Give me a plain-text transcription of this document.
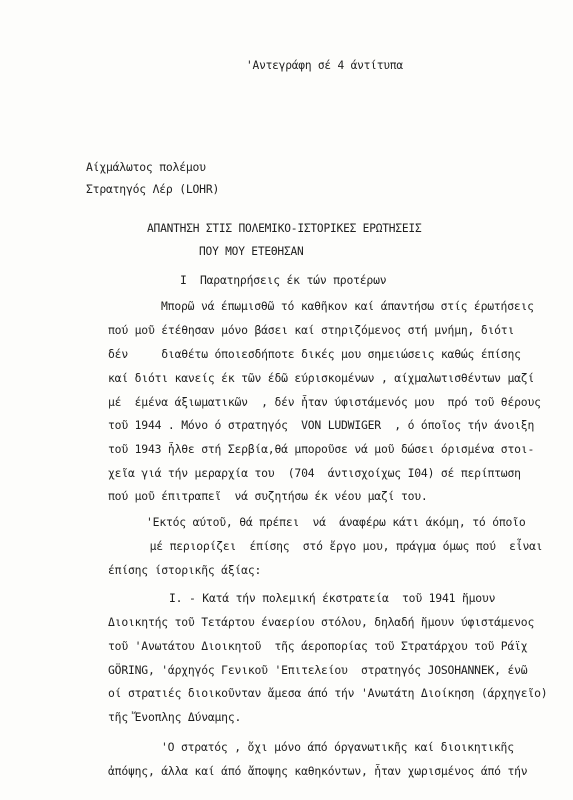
'Αντεγράφη σέ 4 άντίτυπα
Αίχμάλωτος πολέμου
Στρατηγός Λέρ (LOHR)
ΑΠΑΝΤΗΣΗ ΣΤΙΣ ΠΟΛΕΜΙΚΟ-ΙΣΤΟΡΙΚΕΣ ΕΡΩΤΗΣΕΙΣ
ΠΟΥ ΜΟΥ ΕΤΕΘΗΣΑΝ
I  Παρατηρήσεις έκ τών προτέρων
Μπορῶ νά έπωμισθῶ τό καθῆκον καί άπαντήσω στίς έρωτήσεις
πού μοῦ έτέθησαν μόνο βάσει καί στηριζόμενος στή μνήμη, διότι
δέν     διαθέτω όποιεσδήποτε δικές μου σημειώσεις καθώς έπίσης
καί διότι κανείς έκ τῶν έδῶ εύρισκομένων , αίχμαλωτισθέντων μαζί
μέ  έμένα άξιωματικῶν  , δέν ἦταν ύφιστάμενός μου  πρό τοῦ θέρους
τοῦ 1944 . Μόνο ό στρατηγός  VON LUDWIGER  , ό όποῖος τήν άνοιξη
τοῦ 1943 ἦλθε στή Σερβία,θά μποροῦσε νά μοῦ δώσει όρισμένα στοι-
χεῖα γιά τήν μεραρχία του  (704  άντισχοίχως I04) σέ περίπτωση
πού μοῦ έπιτραπεῖ  νά συζητήσω έκ νέου μαζί του.
'Εκτός αύτοῦ, θά πρέπει  νά  άναφέρω κάτι άκόμη, τό όποῖο
μέ περιορίζει  έπίσης  στό ἔργο μου, πράγμα όμως πού  εἶναι
έπίσης ίστορικῆς άξίας:
I. - Κατά τήν πολεμική έκστρατεία  τοῦ 1941 ἤμουν
Διοικητής τοῦ Τετάρτου έναερίου στόλου, δηλαδή ἤμουν ύφιστάμενος
τοῦ 'Ανωτάτου Διοικητοῦ  τῆς άεροπορίας τοῦ Στρατάρχου τοῦ Ράϊχ
GÖRING, 'άρχηγός Γενικοῦ 'Επιτελείου  στρατηγός JOSOHANNEK, ένῶ
οί στρατιές διοικοῦνταν ἄμεσα άπό τήν 'Ανωτάτη Διοίκηση (άρχηγεῖο)
τῆς Ἔνοπλης Δύναμης.
'Ο στρατός , ὄχι μόνο άπό όργανωτικῆς καί διοικητικῆς
ἀπόψης, άλλα καί άπό ἄποψης καθηκόντων, ἦταν χωρισμένος άπό τήν
